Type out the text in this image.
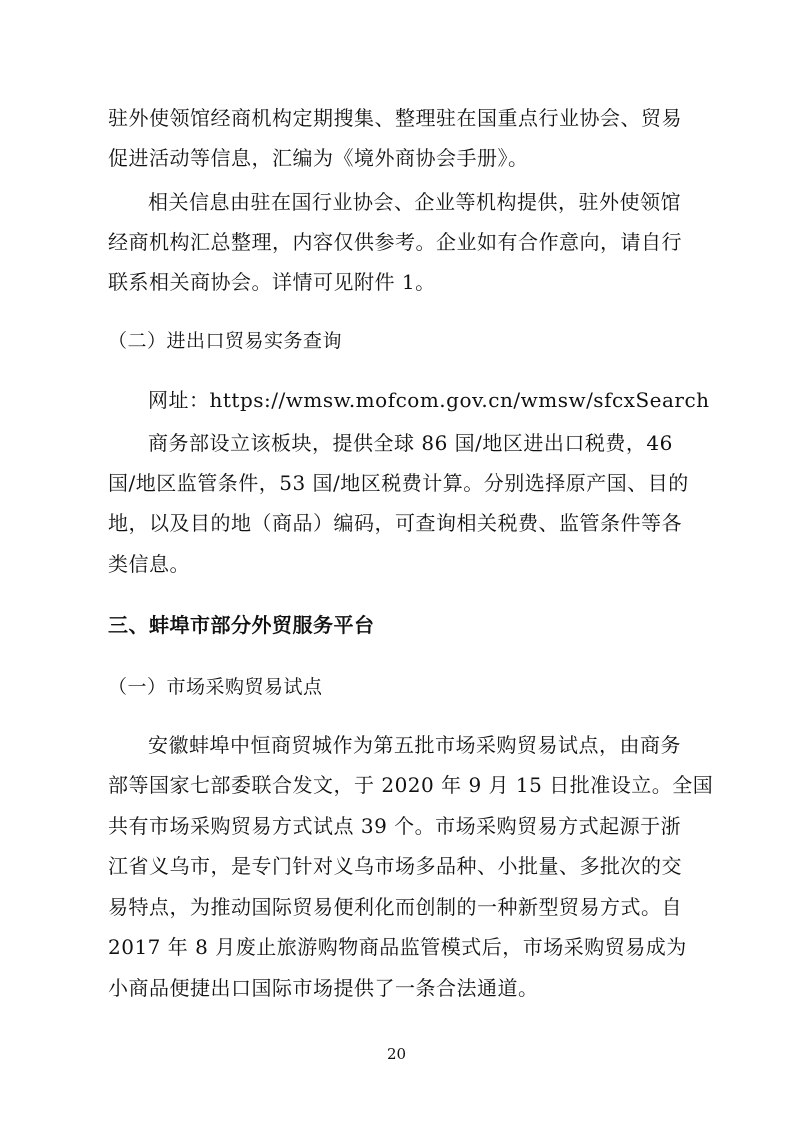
驻外使领馆经商机构定期搜集、整理驻在国重点行业协会、贸易
促进活动等信息，汇编为《境外商协会手册》。
相关信息由驻在国行业协会、企业等机构提供，驻外使领馆
经商机构汇总整理，内容仅供参考。企业如有合作意向，请自行
联系相关商协会。详情可见附件 1。
（二）进出口贸易实务查询
网址：https://wmsw.mofcom.gov.cn/wmsw/sfcxSearch
商务部设立该板块，提供全球 86 国/地区进出口税费，46
国/地区监管条件，53 国/地区税费计算。分别选择原产国、目的
地，以及目的地（商品）编码，可查询相关税费、监管条件等各
类信息。
三、蚌埠市部分外贸服务平台
（一）市场采购贸易试点
安徽蚌埠中恒商贸城作为第五批市场采购贸易试点，由商务
部等国家七部委联合发文，于 2020 年 9 月 15 日批准设立。全国
共有市场采购贸易方式试点 39 个。市场采购贸易方式起源于浙
江省义乌市，是专门针对义乌市场多品种、小批量、多批次的交
易特点，为推动国际贸易便利化而创制的一种新型贸易方式。自
2017 年 8 月废止旅游购物商品监管模式后，市场采购贸易成为
小商品便捷出口国际市场提供了一条合法通道。
20
